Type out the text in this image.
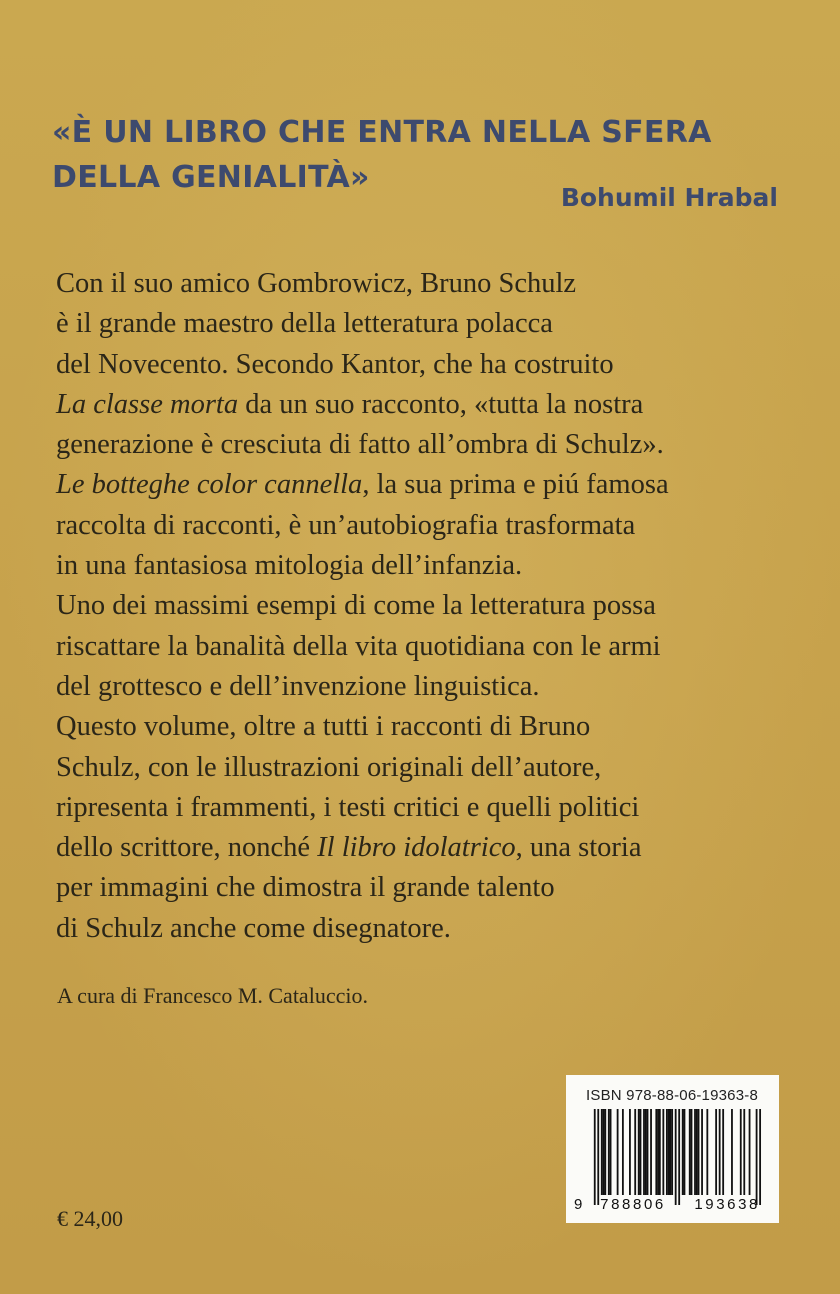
«È UN LIBRO CHE ENTRA NELLA SFERA
DELLA GENIALITÀ»
Bohumil Hrabal
Con il suo amico Gombrowicz, Bruno Schulz
è il grande maestro della letteratura polacca
del Novecento. Secondo Kantor, che ha costruito
La classe morta da un suo racconto, «tutta la nostra
generazione è cresciuta di fatto all’ombra di Schulz».
Le botteghe color cannella, la sua prima e piú famosa
raccolta di racconti, è un’autobiografia trasformata
in una fantasiosa mitologia dell’infanzia.
Uno dei massimi esempi di come la letteratura possa
riscattare la banalità della vita quotidiana con le armi
del grottesco e dell’invenzione linguistica.
Questo volume, oltre a tutti i racconti di Bruno
Schulz, con le illustrazioni originali dell’autore,
ripresenta i frammenti, i testi critici e quelli politici
dello scrittore, nonché Il libro idolatrico, una storia
per immagini che dimostra il grande talento
di Schulz anche come disegnatore.
A cura di Francesco M. Cataluccio.
€ 24,00
ISBN 978-88-06-19363-8
9 788806 193638
